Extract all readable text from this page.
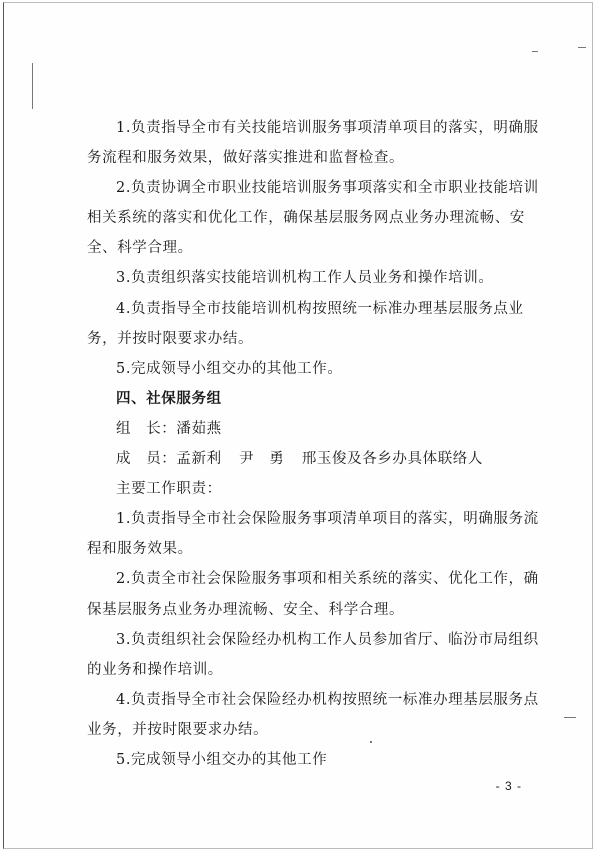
1.负责指导全市有关技能培训服务事项清单项目的落实，明确服务流程和服务效果，做好落实推进和监督检查。

2.负责协调全市职业技能培训服务事项落实和全市职业技能培训相关系统的落实和优化工作，确保基层服务网点业务办理流畅、安全、科学合理。

3.负责组织落实技能培训机构工作人员业务和操作培训。

4.负责指导全市技能培训机构按照统一标准办理基层服务点业务，并按时限要求办结。

5.完成领导小组交办的其他工作。

四、社保服务组

组　长：潘茹燕

成　员：孟新利 尹　勇 邢玉俊及各乡办具体联络人

主要工作职责：

1.负责指导全市社会保险服务事项清单项目的落实，明确服务流程和服务效果。

2.负责全市社会保险服务事项和相关系统的落实、优化工作，确保基层服务点业务办理流畅、安全、科学合理。

3.负责组织社会保险经办机构工作人员参加省厅、临汾市局组织的业务和操作培训。

4.负责指导全市社会保险经办机构按照统一标准办理基层服务点业务，并按时限要求办结。

5.完成领导小组交办的其他工作

- 3 -
